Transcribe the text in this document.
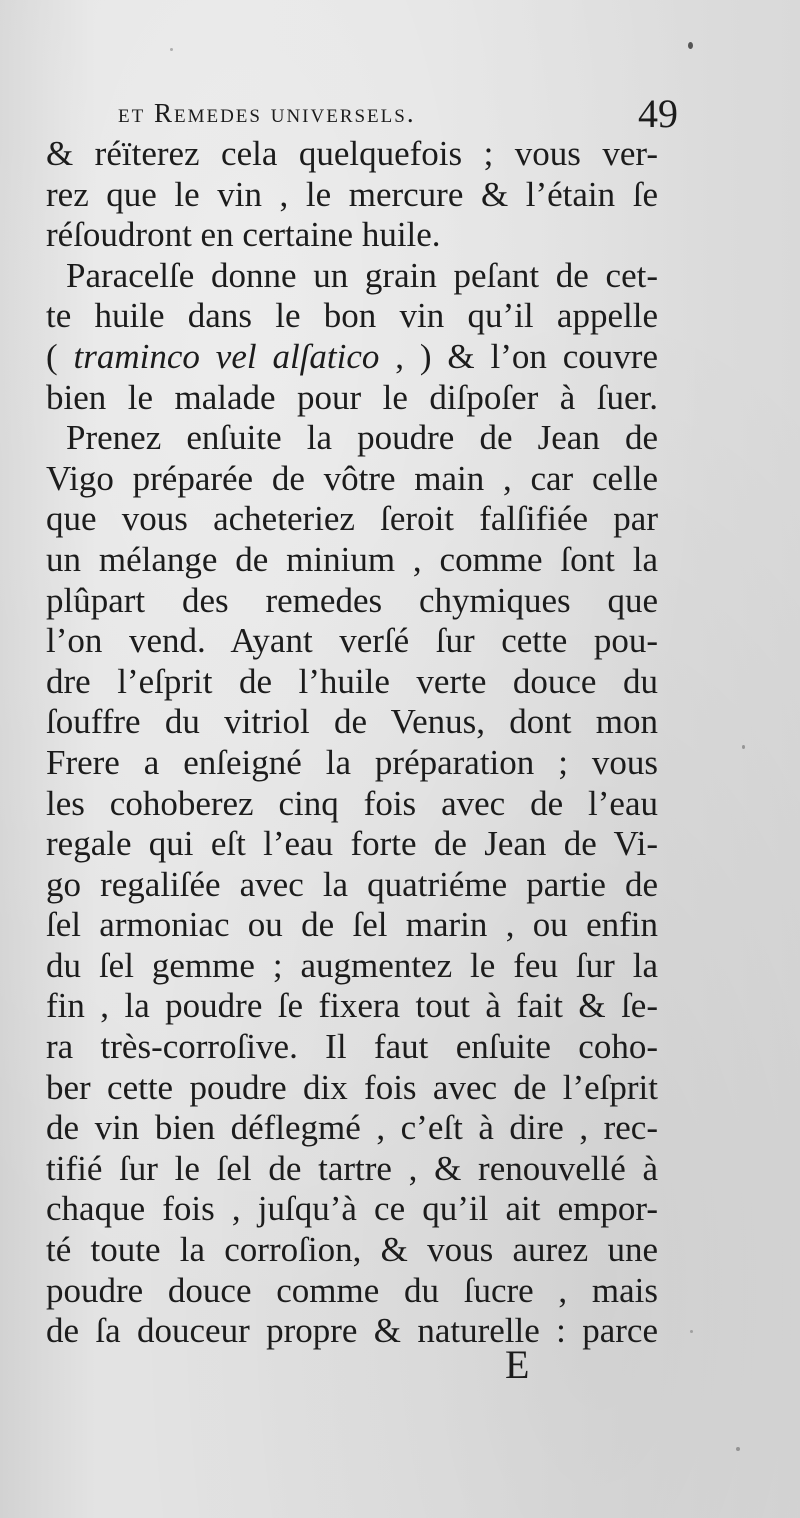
et Remedes universels.	49
& réïterez cela quelquefois ; vous ver-
rez que le vin , le mercure & l’étain ſe
réſoudront en certaine huile.
Paracelſe donne un grain peſant de cet-
te huile dans le bon vin qu’il appelle
( traminco vel alſatico , ) & l’on couvre
bien le malade pour le diſpoſer à ſuer.
Prenez enſuite la poudre de Jean de
Vigo préparée de vôtre main , car celle
que vous acheteriez ſeroit falſifiée par
un mélange de minium , comme ſont la
plûpart des remedes chymiques que
l’on vend. Ayant verſé ſur cette pou-
dre l’eſprit de l’huile verte douce du
ſouffre du vitriol de Venus, dont mon
Frere a enſeigné la préparation ; vous
les cohoberez cinq fois avec de l’eau
regale qui eſt l’eau forte de Jean de Vi-
go regaliſée avec la quatriéme partie de
ſel armoniac ou de ſel marin , ou enfin
du ſel gemme ; augmentez le feu ſur la
fin , la poudre ſe fixera tout à fait & ſe-
ra très-corroſive. Il faut enſuite coho-
ber cette poudre dix fois avec de l’eſprit
de vin bien déflegmé , c’eſt à dire , rec-
tifié ſur le ſel de tartre , & renouvellé à
chaque fois , juſqu’à ce qu’il ait empor-
té toute la corroſion, & vous aurez une
poudre douce comme du ſucre , mais
de ſa douceur propre & naturelle : parce
E
